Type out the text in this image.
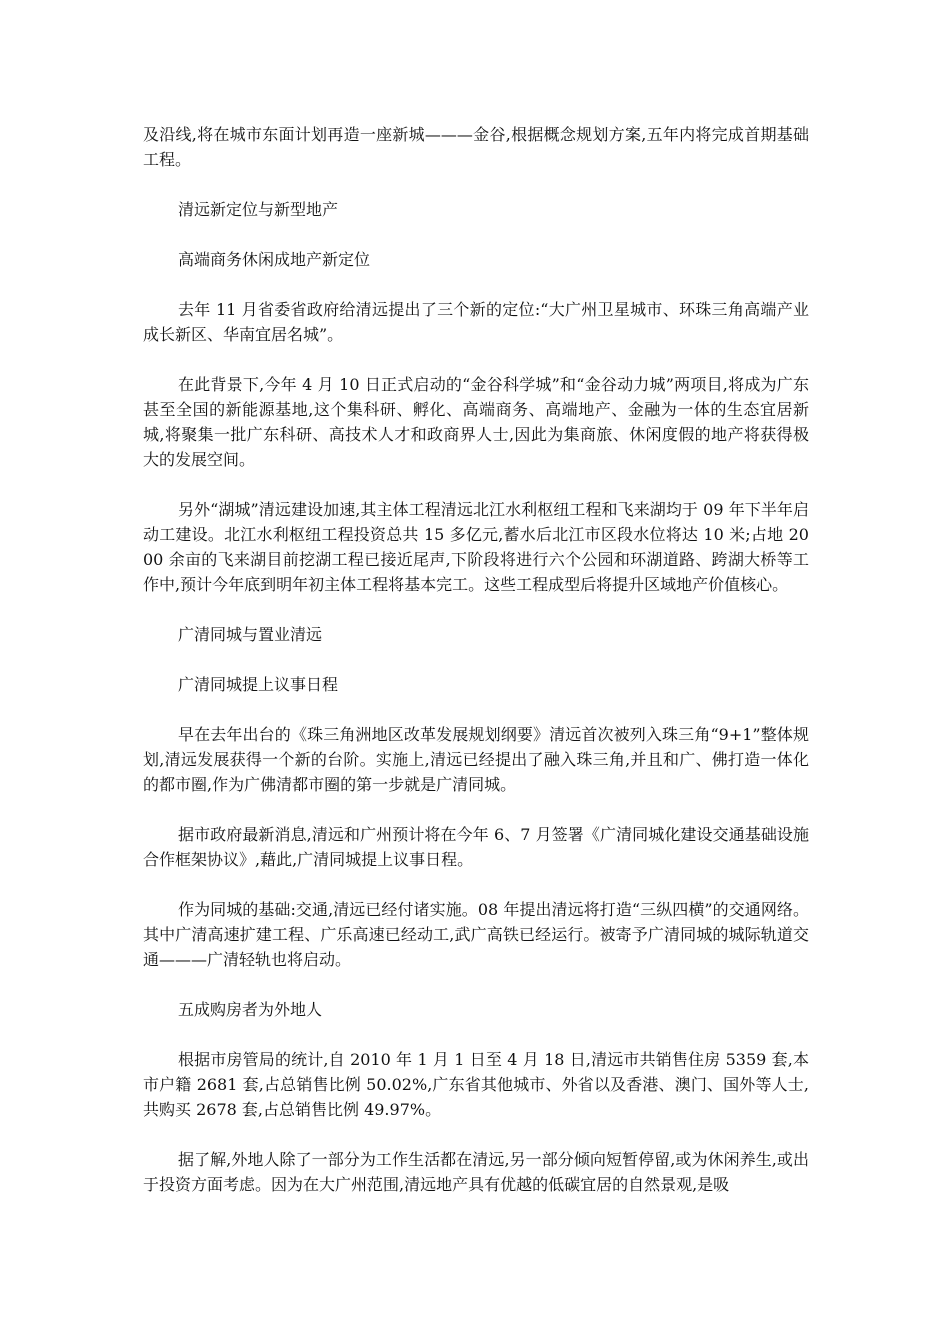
及沿线,将在城市东面计划再造一座新城———金谷,根据概念规划方案,五年内将完成首期基础工程。

清远新定位与新型地产

高端商务休闲成地产新定位

去年 11 月省委省政府给清远提出了三个新的定位:“大广州卫星城市、环珠三角高端产业成长新区、华南宜居名城”。

在此背景下,今年 4 月 10 日正式启动的“金谷科学城”和“金谷动力城”两项目,将成为广东甚至全国的新能源基地,这个集科研、孵化、高端商务、高端地产、金融为一体的生态宜居新城,将聚集一批广东科研、高技术人才和政商界人士,因此为集商旅、休闲度假的地产将获得极大的发展空间。

另外“湖城”清远建设加速,其主体工程清远北江水利枢纽工程和飞来湖均于 09 年下半年启动工建设。北江水利枢纽工程投资总共 15 多亿元,蓄水后北江市区段水位将达 10 米;占地 2000 余亩的飞来湖目前挖湖工程已接近尾声,下阶段将进行六个公园和环湖道路、跨湖大桥等工作中,预计今年底到明年初主体工程将基本完工。这些工程成型后将提升区域地产价值核心。

广清同城与置业清远

广清同城提上议事日程

早在去年出台的《珠三角洲地区改革发展规划纲要》清远首次被列入珠三角“9+1”整体规划,清远发展获得一个新的台阶。实施上,清远已经提出了融入珠三角,并且和广、佛打造一体化的都市圈,作为广佛清都市圈的第一步就是广清同城。

据市政府最新消息,清远和广州预计将在今年 6、7 月签署《广清同城化建设交通基础设施合作框架协议》,藉此,广清同城提上议事日程。

作为同城的基础:交通,清远已经付诸实施。08 年提出清远将打造“三纵四横”的交通网络。其中广清高速扩建工程、广乐高速已经动工,武广高铁已经运行。被寄予广清同城的城际轨道交通———广清轻轨也将启动。

五成购房者为外地人

根据市房管局的统计,自 2010 年 1 月 1 日至 4 月 18 日,清远市共销售住房 5359 套,本市户籍 2681 套,占总销售比例 50.02%,广东省其他城市、外省以及香港、澳门、国外等人士,共购买 2678 套,占总销售比例 49.97%。

据了解,外地人除了一部分为工作生活都在清远,另一部分倾向短暂停留,或为休闲养生,或出于投资方面考虑。因为在大广州范围,清远地产具有优越的低碳宜居的自然景观,是吸
